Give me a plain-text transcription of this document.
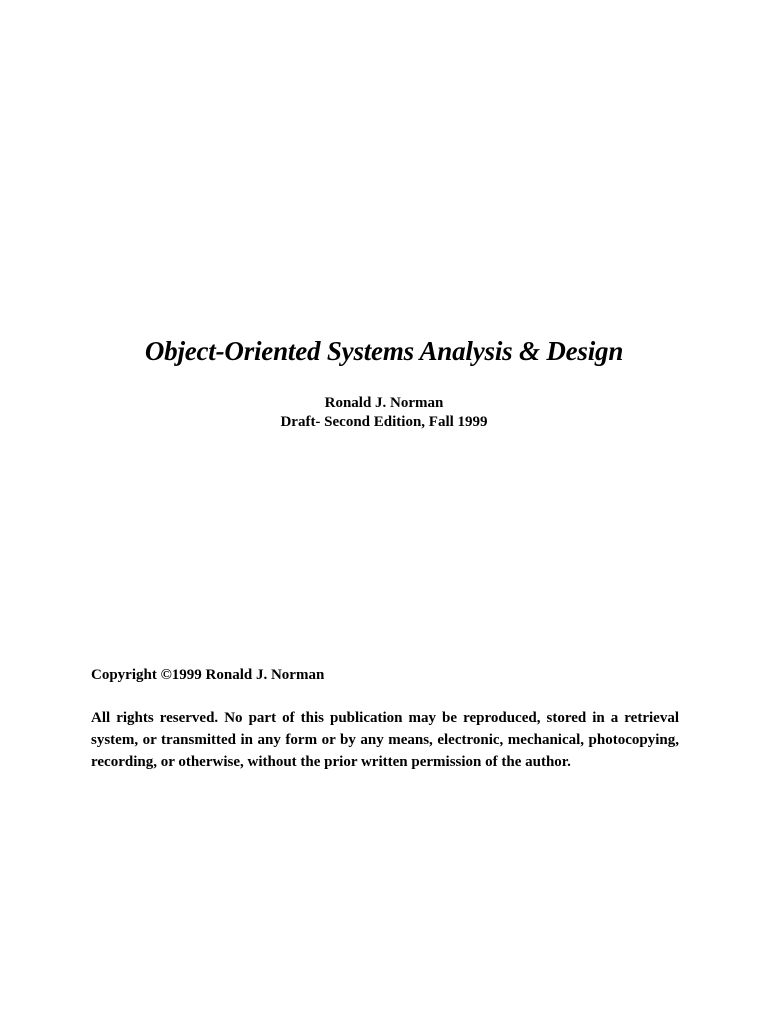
Object-Oriented Systems Analysis & Design
Ronald J. Norman
Draft- Second Edition, Fall 1999
Copyright ©1999 Ronald J. Norman
All rights reserved. No part of this publication may be reproduced, stored in a retrieval system, or transmitted in any form or by any means, electronic, mechanical, photocopying, recording, or otherwise, without the prior written permission of the author.
